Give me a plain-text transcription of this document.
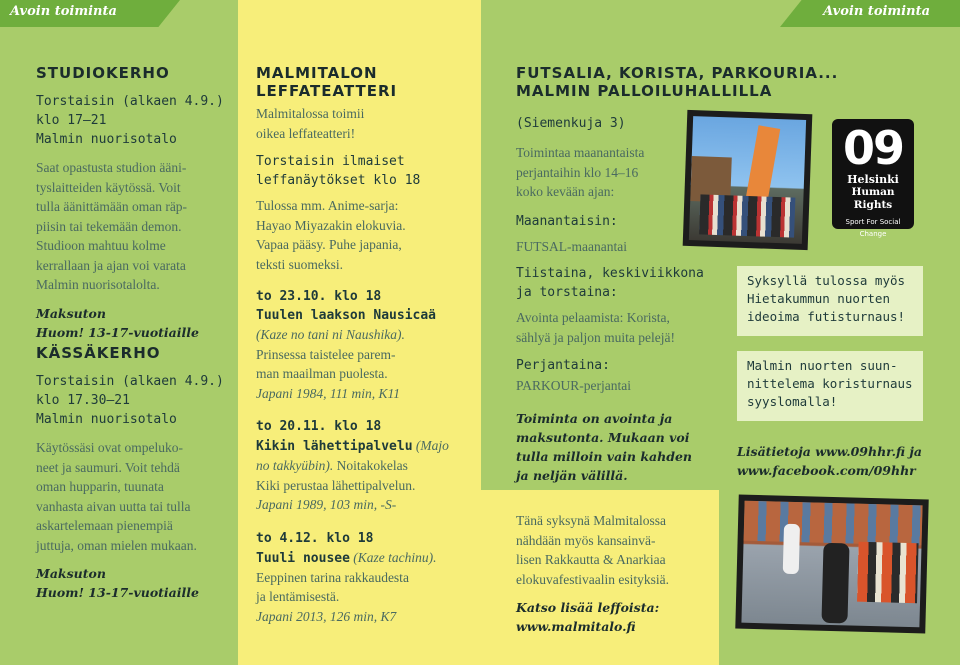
Avoin toiminta	Avoin toiminta
STUDIOKERHO
Torstaisin (alkaen 4.9.)
klo 17—21
Malmin nuorisotalo
Saat opastusta studion ääni-
tyslaitteiden käytössä. Voit
tulla äänittämään oman räp-
piisin tai tekemään demon.
Studioon mahtuu kolme
kerrallaan ja ajan voi varata
Malmin nuorisotalolta.
Maksuton
Huom! 13-17-vuotiaille
KÄSSÄKERHO
Torstaisin (alkaen 4.9.)
klo 17.30—21
Malmin nuorisotalo
Käytössäsi ovat ompeluko-
neet ja saumuri. Voit tehdä
oman hupparin, tuunata
vanhasta aivan uutta tai tulla
askartelemaan pienempiä
juttuja, oman mielen mukaan.
Maksuton
Huom! 13-17-vuotiaille
MALMITALON
LEFFATEATTERI
Malmitalossa toimii
oikea leffateatteri!
Torstaisin ilmaiset
leffanäytökset klo 18
Tulossa mm. Anime-sarja:
Hayao Miyazakin elokuvia.
Vapaa pääsy. Puhe japania,
teksti suomeksi.
to 23.10. klo 18
Tuulen laakson Nausicaä
(Kaze no tani ni Naushika).
Prinsessa taistelee parem-
man maailman puolesta.
Japani 1984, 111 min, K11
to 20.11. klo 18
Kikin lähettipalvelu (Majo
no takkyübin). Noitakokelas
Kiki perustaa lähettipalvelun.
Japani 1989, 103 min, -S-
to 4.12. klo 18
Tuuli nousee (Kaze tachinu).
Eeppinen tarina rakkaudesta
ja lentämisestä.
Japani 2013, 126 min, K7
FUTSALIA, KORISTA, PARKOURIA...
MALMIN PALLOILUHALLILLA
(Siemenkuja 3)
Toimintaa maanantaista
perjantaihin klo 14–16
koko kevään ajan:
Maanantaisin:
FUTSAL-maanantai
Tiistaina, keskiviikkona
ja torstaina:
Avointa pelaamista: Korista,
sählyä ja paljon muita pelejä!
Perjantaina:
PARKOUR-perjantai
Toiminta on avointa ja
maksutonta. Mukaan voi
tulla milloin vain kahden
ja neljän välillä.
09
Helsinki
Human Rights
Sport For Social Change
Syksyllä tulossa myös
Hietakummun nuorten
ideoima futisturnaus!
Malmin nuorten suun-
nittelema koristurnaus
syyslomalla!
Lisätietoja www.09hhr.fi ja
www.facebook.com/09hhr
Tänä syksynä Malmitalossa
nähdään myös kansainvä-
lisen Rakkautta & Anarkiaa
elokuvafestivaalin esityksiä.
Katso lisää leffoista:
www.malmitalo.fi
